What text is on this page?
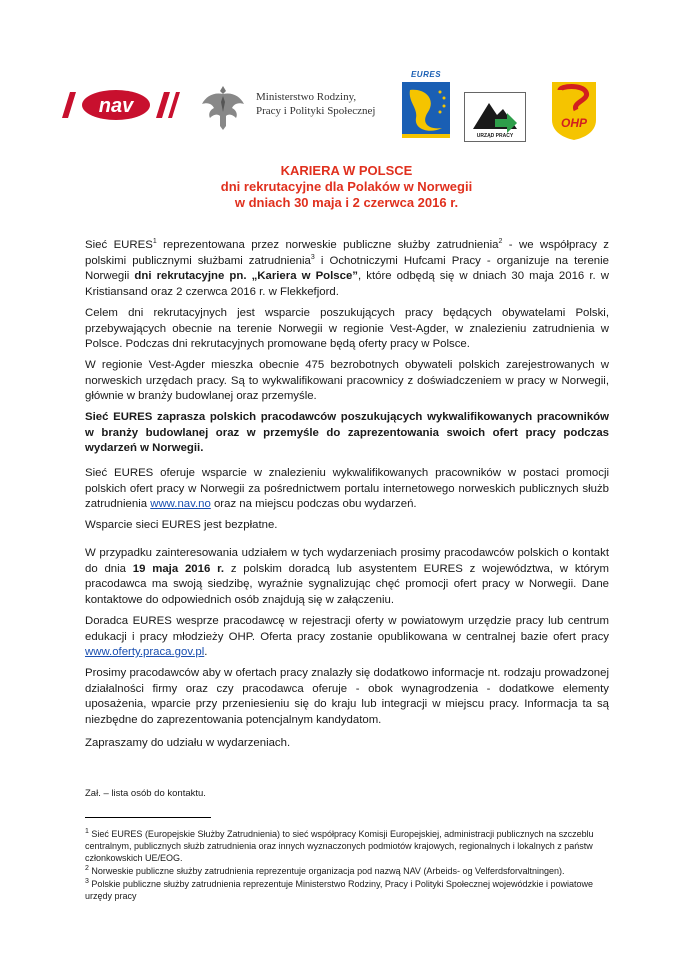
nav	Ministerstwo Rodziny,
Pracy i Polityki Społecznej
EURES
URZĄD PRACY
OHP
KARIERA W POLSCE
dni rekrutacyjne dla Polaków w Norwegii
w dniach 30 maja i 2 czerwca 2016 r.
Sieć EURES$^1$ reprezentowana przez norweskie publiczne służby zatrudnienia$^2$ - we współpracy z polskimi publicznymi służbami zatrudnienia$^3$ i Ochotniczymi Hufcami Pracy - organizuje na terenie Norwegii dni rekrutacyjne pn. „Kariera w Polsce”, które odbędą się w dniach 30 maja 2016 r. w Kristiansand oraz 2 czerwca 2016 r. w Flekkefjord.
Celem dni rekrutacyjnych jest wsparcie poszukujących pracy będących obywatelami Polski, przebywających obecnie na terenie Norwegii w regionie Vest-Agder, w znalezieniu zatrudnienia w Polsce. Podczas dni rekrutacyjnych promowane będą oferty pracy w Polsce.
W regionie Vest-Agder mieszka obecnie 475 bezrobotnych obywateli polskich zarejestrowanych w norweskich urzędach pracy. Są to wykwalifikowani pracownicy z doświadczeniem w pracy w Norwegii, głównie w branży budowlanej oraz przemyśle.
Sieć EURES zaprasza polskich pracodawców poszukujących wykwalifikowanych pracowników w branży budowlanej oraz w przemyśle do zaprezentowania swoich ofert pracy podczas wydarzeń w Norwegii.
Sieć EURES oferuje wsparcie w znalezieniu wykwalifikowanych pracowników w postaci promocji polskich ofert pracy w Norwegii za pośrednictwem portalu internetowego norweskich publicznych służb zatrudnienia www.nav.no oraz na miejscu podczas obu wydarzeń.
Wsparcie sieci EURES jest bezpłatne.
W przypadku zainteresowania udziałem w tych wydarzeniach prosimy pracodawców polskich o kontakt do dnia 19 maja 2016 r. z polskim doradcą lub asystentem EURES z województwa, w którym pracodawca ma swoją siedzibę, wyraźnie sygnalizując chęć promocji ofert pracy w Norwegii. Dane kontaktowe do odpowiednich osób znajdują się w załączeniu.
Doradca EURES wesprze pracodawcę w rejestracji oferty w powiatowym urzędzie pracy lub centrum edukacji i pracy młodzieży OHP. Oferta pracy zostanie opublikowana w centralnej bazie ofert pracy www.oferty.praca.gov.pl.
Prosimy pracodawców aby w ofertach pracy znalazły się dodatkowo informacje nt. rodzaju prowadzonej działalności firmy oraz czy pracodawca oferuje - obok wynagrodzenia - dodatkowe elementy uposażenia, wparcie przy przeniesieniu się do kraju lub integracji w miejscu pracy. Informacja ta są niezbędne do zaprezentowania potencjalnym kandydatom.
Zapraszamy do udziału w wydarzeniach.
Zał. – lista osób do kontaktu.
$^1$ Sieć EURES (Europejskie Służby Zatrudnienia) to sieć współpracy Komisji Europejskiej, administracji publicznych na szczeblu centralnym, publicznych służb zatrudnienia oraz innych wyznaczonych podmiotów krajowych, regionalnych i lokalnych z państw członkowskich UE/EOG.
$^2$ Norweskie publiczne służby zatrudnienia reprezentuje organizacja pod nazwą NAV (Arbeids- og Velferdsforvaltningen).
$^3$ Polskie publiczne służby zatrudnienia reprezentuje Ministerstwo Rodziny, Pracy i Polityki Społecznej wojewódzkie i powiatowe urzędy pracy
